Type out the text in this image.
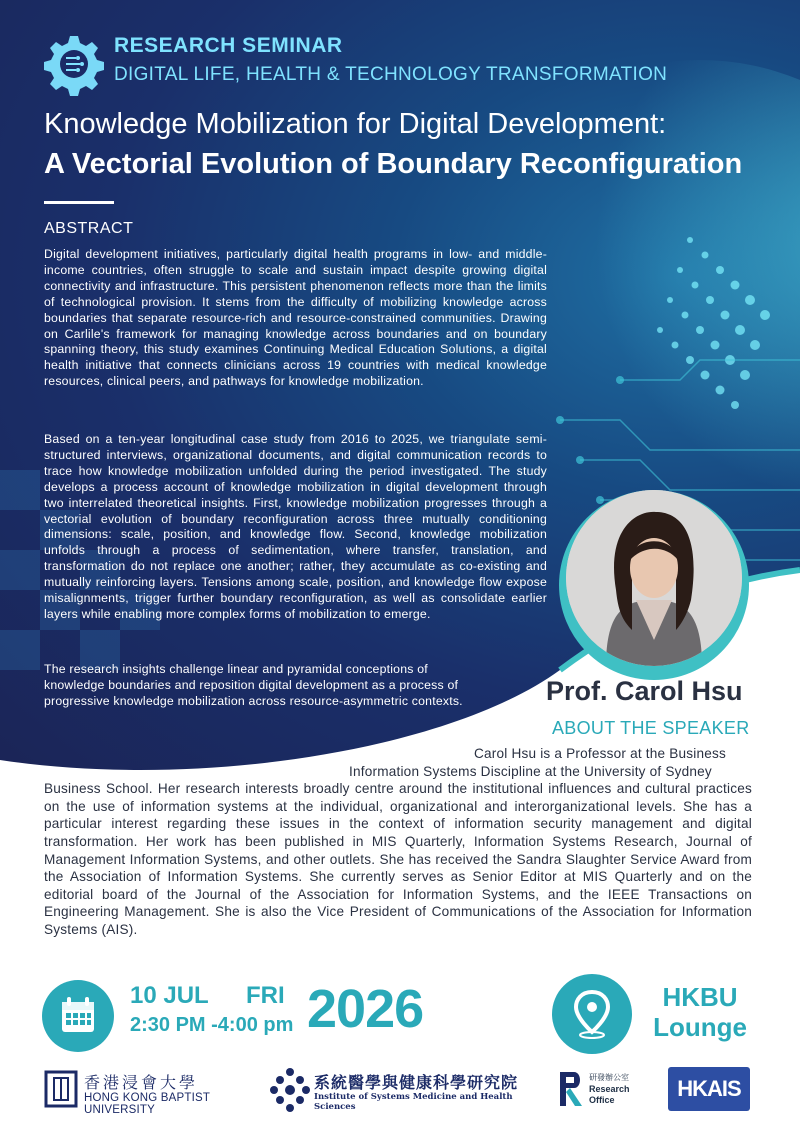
RESEARCH SEMINAR
DIGITAL LIFE, HEALTH & TECHNOLOGY TRANSFORMATION
Knowledge Mobilization for Digital Development:
A Vectorial Evolution of Boundary Reconfiguration
ABSTRACT

Digital development initiatives, particularly digital health programs in low- and middle-income countries, often struggle to scale and sustain impact despite growing digital connectivity and infrastructure. This persistent phenomenon reflects more than the limits of technological provision. It stems from the difficulty of mobilizing knowledge across boundaries that separate resource-rich and resource-constrained communities. Drawing on Carlile's framework for managing knowledge across boundaries and on boundary spanning theory, this study examines Continuing Medical Education Solutions, a digital health initiative that connects clinicians across 19 countries with medical knowledge resources, clinical peers, and pathways for knowledge mobilization.

Based on a ten-year longitudinal case study from 2016 to 2025, we triangulate semi-structured interviews, organizational documents, and digital communication records to trace how knowledge mobilization unfolded during the period investigated. The study develops a process account of knowledge mobilization in digital development through two interrelated theoretical insights. First, knowledge mobilization progresses through a vectorial evolution of boundary reconfiguration across three mutually conditioning dimensions: scale, position, and knowledge flow. Second, knowledge mobilization unfolds through a process of sedimentation, where transfer, translation, and transformation do not replace one another; rather, they accumulate as co-existing and mutually reinforcing layers. Tensions among scale, position, and knowledge flow expose misalignments, trigger further boundary reconfiguration, as well as consolidate earlier layers while enabling more complex forms of mobilization to emerge.

The research insights challenge linear and pyramidal conceptions of knowledge boundaries and reposition digital development as a process of progressive knowledge mobilization across resource-asymmetric contexts.	Prof. Carol Hsu
ABOUT THE SPEAKER
Carol Hsu is a Professor at the Business
Information Systems Discipline at the University of Sydney
Business School. Her research interests broadly centre around the institutional influences and cultural practices on the use of information systems at the individual, organizational and interorganizational levels. She has a particular interest regarding these issues in the context of information security management and digital transformation. Her work has been published in MIS Quarterly, Information Systems Research, Journal of Management Information Systems, and other outlets. She has received the Sandra Slaughter Service Award from the Association of Information Systems. She currently serves as Senior Editor at MIS Quarterly and on the editorial board of the Journal of the Association for Information Systems, and the IEEE Transactions on Engineering Management. She is also the Vice President of Communications of the Association for Information Systems (AIS).
10 JUL FRI
2:30 PM -4:00 pm 2026	HKBU
Lounge
香港浸會大學
HONG KONG BAPTIST UNIVERSITY
系統醫學與健康科學研究院
Institute of Systems Medicine and Health Sciences
研發辦公室
Research
Office	HKAIS
